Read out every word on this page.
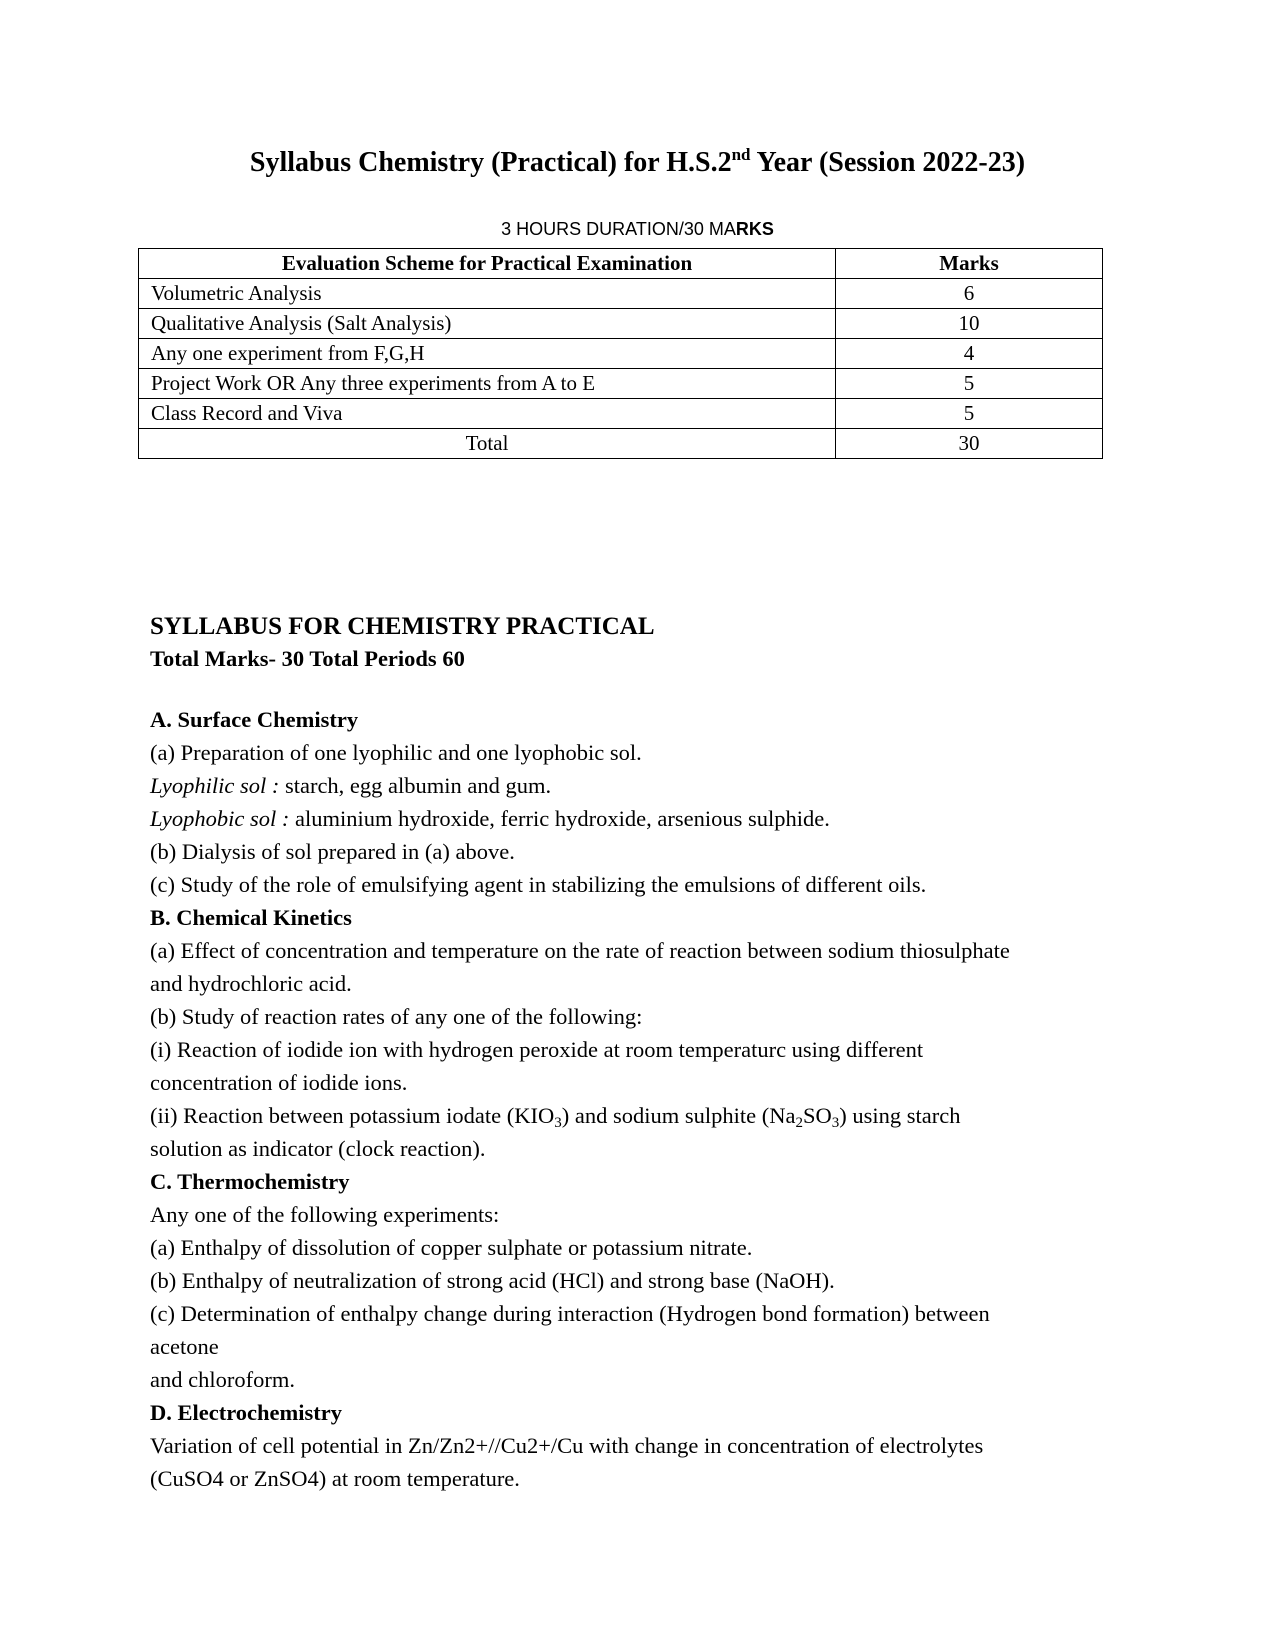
Syllabus Chemistry (Practical) for H.S.2nd Year (Session 2022-23)
3 HOURS DURATION/30 MARKS
Evaluation Scheme for Practical Examination	Marks
Volumetric Analysis	6
Qualitative Analysis (Salt Analysis)	10
Any one experiment from F,G,H	4
Project Work OR Any three experiments from A to E	5
Class Record and Viva	5
Total	30

SYLLABUS FOR CHEMISTRY PRACTICAL

Total Marks- 30 Total Periods 60

A. Surface Chemistry

(a) Preparation of one lyophilic and one lyophobic sol.

Lyophilic sol : starch, egg albumin and gum.

Lyophobic sol : aluminium hydroxide, ferric hydroxide, arsenious sulphide.

(b) Dialysis of sol prepared in (a) above.

(c) Study of the role of emulsifying agent in stabilizing the emulsions of different oils.

B. Chemical Kinetics

(a) Effect of concentration and temperature on the rate of reaction between sodium thiosulphate

and hydrochloric acid.

(b) Study of reaction rates of any one of the following:

(i) Reaction of iodide ion with hydrogen peroxide at room temperaturc using different

concentration of iodide ions.

(ii) Reaction between potassium iodate $(KIO_3)$ and sodium sulphite $(Na_2SO_3)$ using starch

solution as indicator (clock reaction).

C. Thermochemistry

Any one of the following experiments:

(a) Enthalpy of dissolution of copper sulphate or potassium nitrate.

(b) Enthalpy of neutralization of strong acid (HCl) and strong base (NaOH).

(c) Determination of enthalpy change during interaction (Hydrogen bond formation) between

acetone

and chloroform.

D. Electrochemistry

Variation of cell potential in Zn/Zn2+//Cu2+/Cu with change in concentration of electrolytes

(CuSO4 or ZnSO4) at room temperature.
